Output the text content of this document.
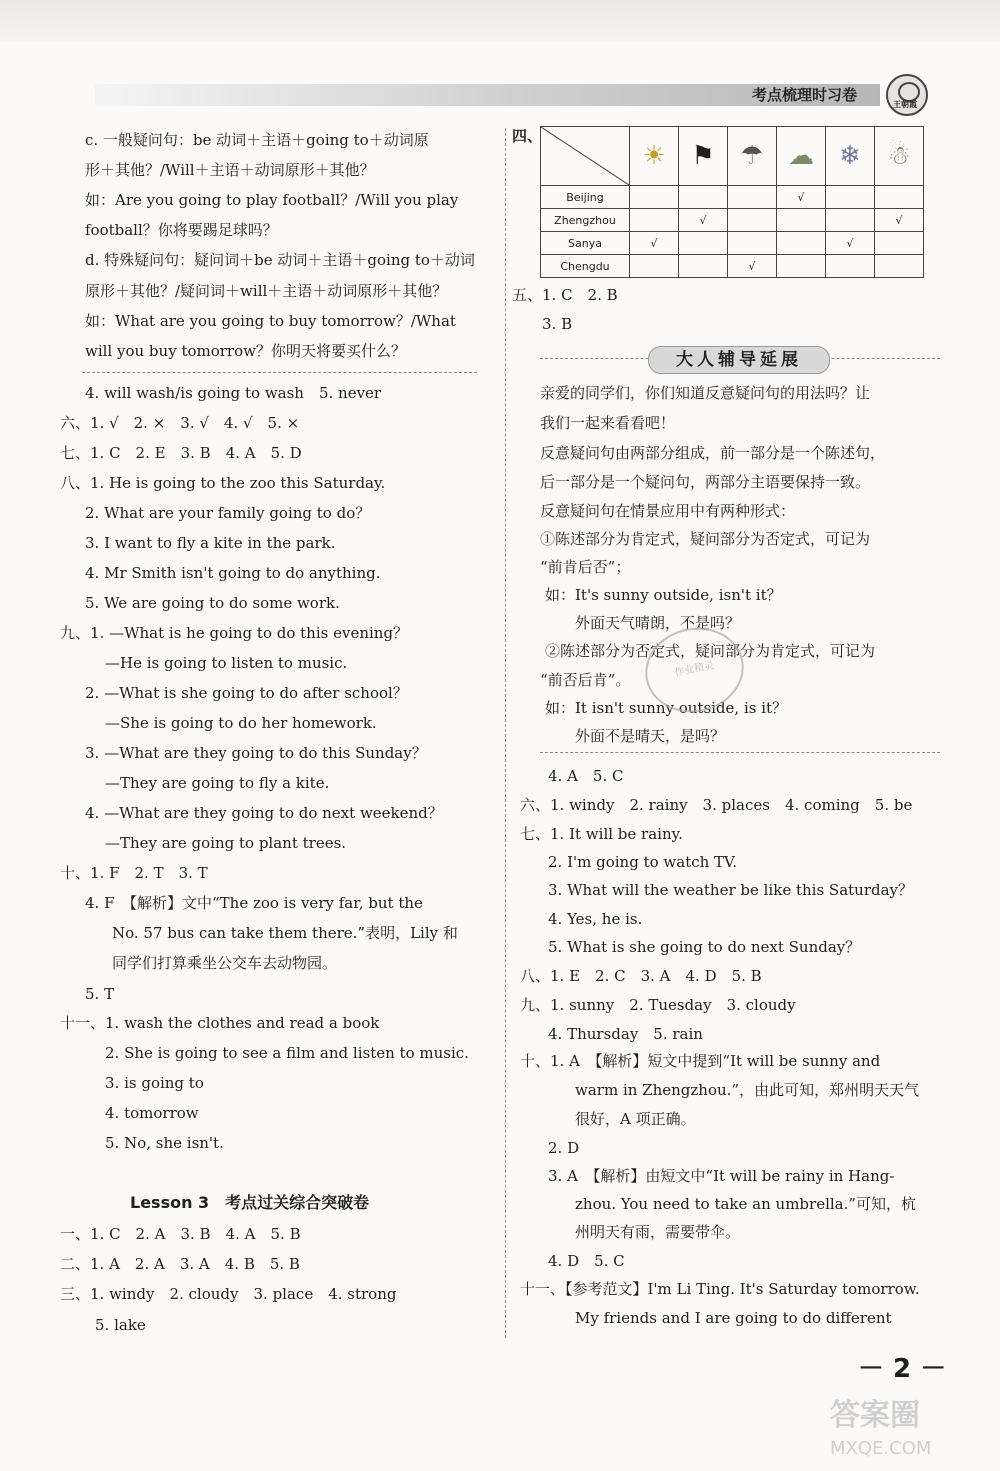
考点梳理时习卷
王朝霞
c. 一般疑问句：be 动词＋主语＋going to＋动词原
形＋其他？/Will＋主语＋动词原形＋其他？
如：Are you going to play football？/Will you play
football？你将要踢足球吗？
d. 特殊疑问句：疑问词＋be 动词＋主语＋going to＋动词
原形＋其他？/疑问词＋will＋主语＋动词原形＋其他？
如：What are you going to buy tomorrow？/What
will you buy tomorrow？你明天将要买什么？
4. will wash/is going to wash　5. never
六、1. √　2. ×　3. √　4. √　5. ×
七、1. C　2. E　3. B　4. A　5. D
八、1. He is going to the zoo this Saturday.
2. What are your family going to do？
3. I want to fly a kite in the park.
4. Mr Smith isn't going to do anything.
5. We are going to do some work.
九、1. —What is he going to do this evening？
—He is going to listen to music.
2. —What is she going to do after school？
—She is going to do her homework.
3. —What are they going to do this Sunday？
—They are going to fly a kite.
4. —What are they going to do next weekend？
—They are going to plant trees.
十、1. F　2. T　3. T
4. F　【解析】文中“The zoo is very far, but the
No. 57 bus can take them there.”表明，Lily 和
同学们打算乘坐公交车去动物园。
5. T
十一、1. wash the clothes and read a book
2. She is going to see a film and listen to music.
3. is going to
4. tomorrow
5. No, she isn't.
Lesson 3　考点过关综合突破卷
一、1. C　2. A　3. B　4. A　5. B
二、1. A　2. A　3. A　4. B　5. B
三、1. windy　2. cloudy　3. place　4. strong
5. lake
四、
	☀	⚑	☂	☁	❄	☃
Beijing				√		
Zhengzhou		√				√
Sanya	√				√	
Chengdu			√			
五、1. C　2. B
3. B
大人辅导延展
亲爱的同学们，你们知道反意疑问句的用法吗？让
我们一起来看看吧！
反意疑问句由两部分组成，前一部分是一个陈述句，
后一部分是一个疑问句，两部分主语要保持一致。
反意疑问句在情景应用中有两种形式：
①陈述部分为肯定式，疑问部分为否定式，可记为
“前肯后否”；
如：It's sunny outside, isn't it？
外面天气晴朗，不是吗？
②陈述部分为否定式，疑问部分为肯定式，可记为
“前否后肯”。
如：It isn't sunny outside, is it？
外面不是晴天，是吗？
作业精灵
4. A　5. C
六、1. windy　2. rainy　3. places　4. coming　5. be
七、1. It will be rainy.
2. I'm going to watch TV.
3. What will the weather be like this Saturday？
4. Yes, he is.
5. What is she going to do next Sunday？
八、1. E　2. C　3. A　4. D　5. B
九、1. sunny　2. Tuesday　3. cloudy
4. Thursday　5. rain
十、1. A　【解析】短文中提到“It will be sunny and
warm in Zhengzhou.”，由此可知，郑州明天天气
很好，A 项正确。
2. D
3. A　【解析】由短文中“It will be rainy in Hang-
zhou. You need to take an umbrella.”可知，杭
州明天有雨，需要带伞。
4. D　5. C
十一、【参考范文】I'm Li Ting. It's Saturday tomorrow.
My friends and I are going to do different
－ 2 －
答案圈
MXQE.COM
